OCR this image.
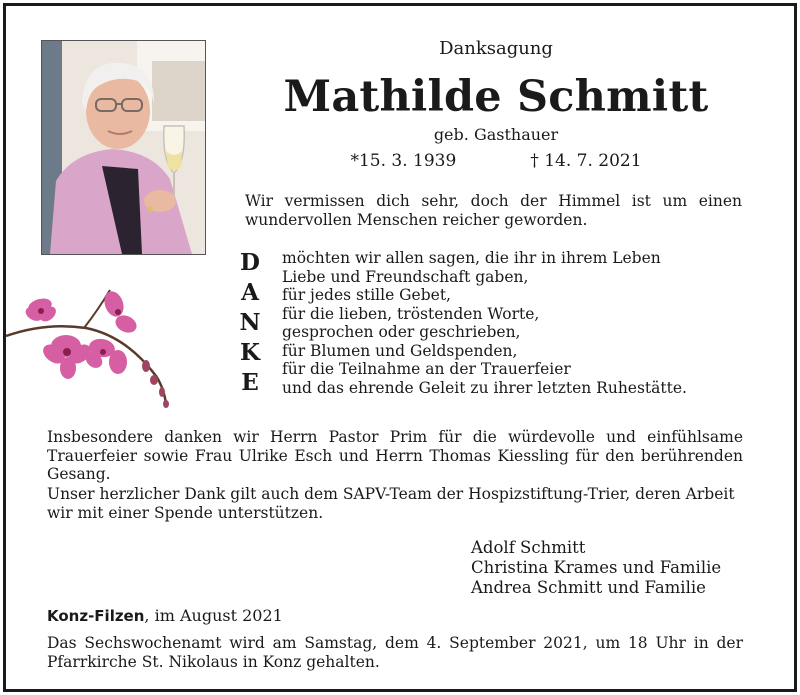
Danksagung
Mathilde Schmitt
geb. Gasthauer
*15. 3. 1939	† 14. 7. 2021
Wir vermissen dich sehr, doch der Himmel ist um einen wundervollen Menschen reicher geworden.
D
A
N
K
E
möchten wir allen sagen, die ihr in ihrem Leben
Liebe und Freundschaft gaben,
für jedes stille Gebet,
für die lieben, tröstenden Worte,
gesprochen oder geschrieben,
für Blumen und Geldspenden,
für die Teilnahme an der Trauerfeier
und das ehrende Geleit zu ihrer letzten Ruhestätte.
Insbesondere danken wir Herrn Pastor Prim für die würdevolle und einfühlsame Trauerfeier sowie Frau Ulrike Esch und Herrn Thomas Kiessling für den berührenden Gesang.
Unser herzlicher Dank gilt auch dem SAPV-Team der Hospizstiftung-Trier, deren Arbeit wir mit einer Spende unterstützen.
Adolf Schmitt
Christina Krames und Familie
Andrea Schmitt und Familie
Konz-Filzen, im August 2021
Das Sechswochenamt wird am Samstag, dem 4. September 2021, um 18 Uhr in der Pfarrkirche St. Nikolaus in Konz gehalten.
